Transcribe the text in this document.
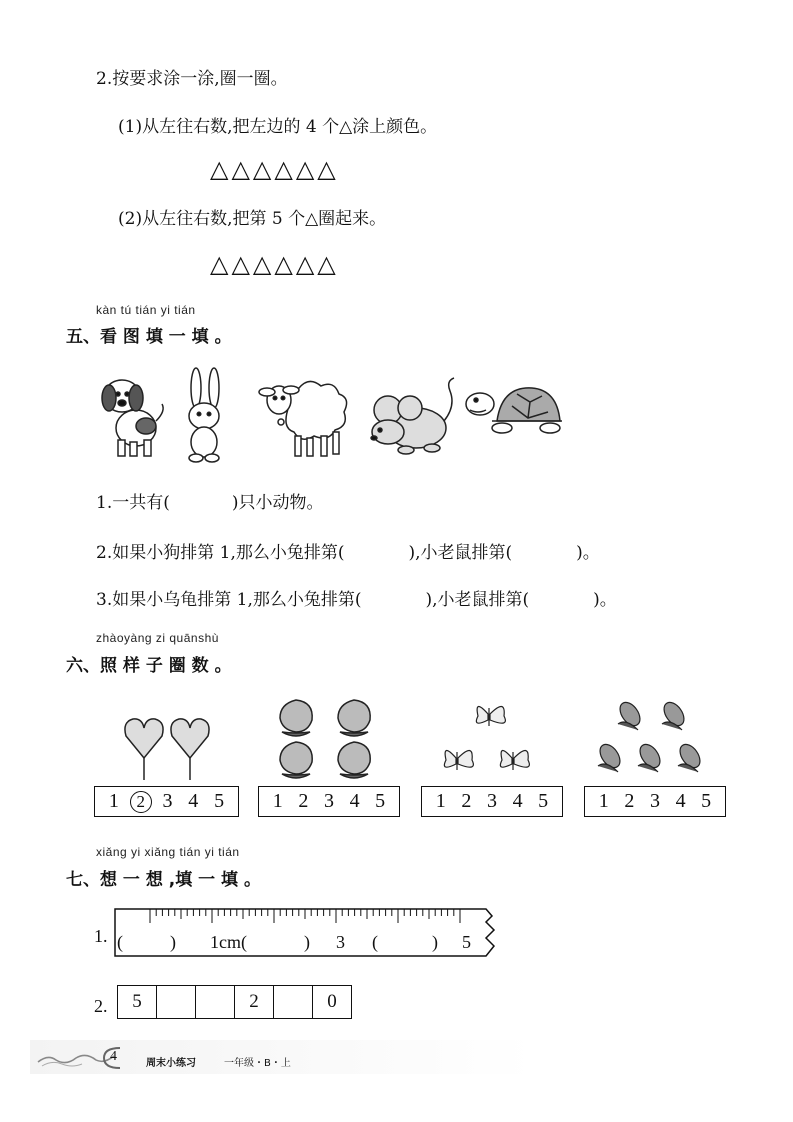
2.按要求涂一涂,圈一圈。
(1)从左往右数,把左边的 4 个△涂上颜色。
△△△△△△
(2)从左往右数,把第 5 个△圈起来。
△△△△△△
kàn tú tián yi tián
五、看 图 填 一 填 。
1.一共有(	)只小动物。
2.如果小狗排第 1,那么小兔排第(	),小老鼠排第(	)。
3.如果小乌龟排第 1,那么小兔排第(	),小老鼠排第(	)。
zhàoyàng zi quānshù
六、照 样 子 圈 数 。
1	2 3 4 5 1 2 3 4 5	1 2 3 4 5	1 2 3 4 5
xiǎng yi xiǎng tián yi tián
七、想 一 想 ,填 一 填 。
1. (	) 1cm(	) 3 (	) 5
2.	5	2	0
4	周末小练习	一年级・B・上
